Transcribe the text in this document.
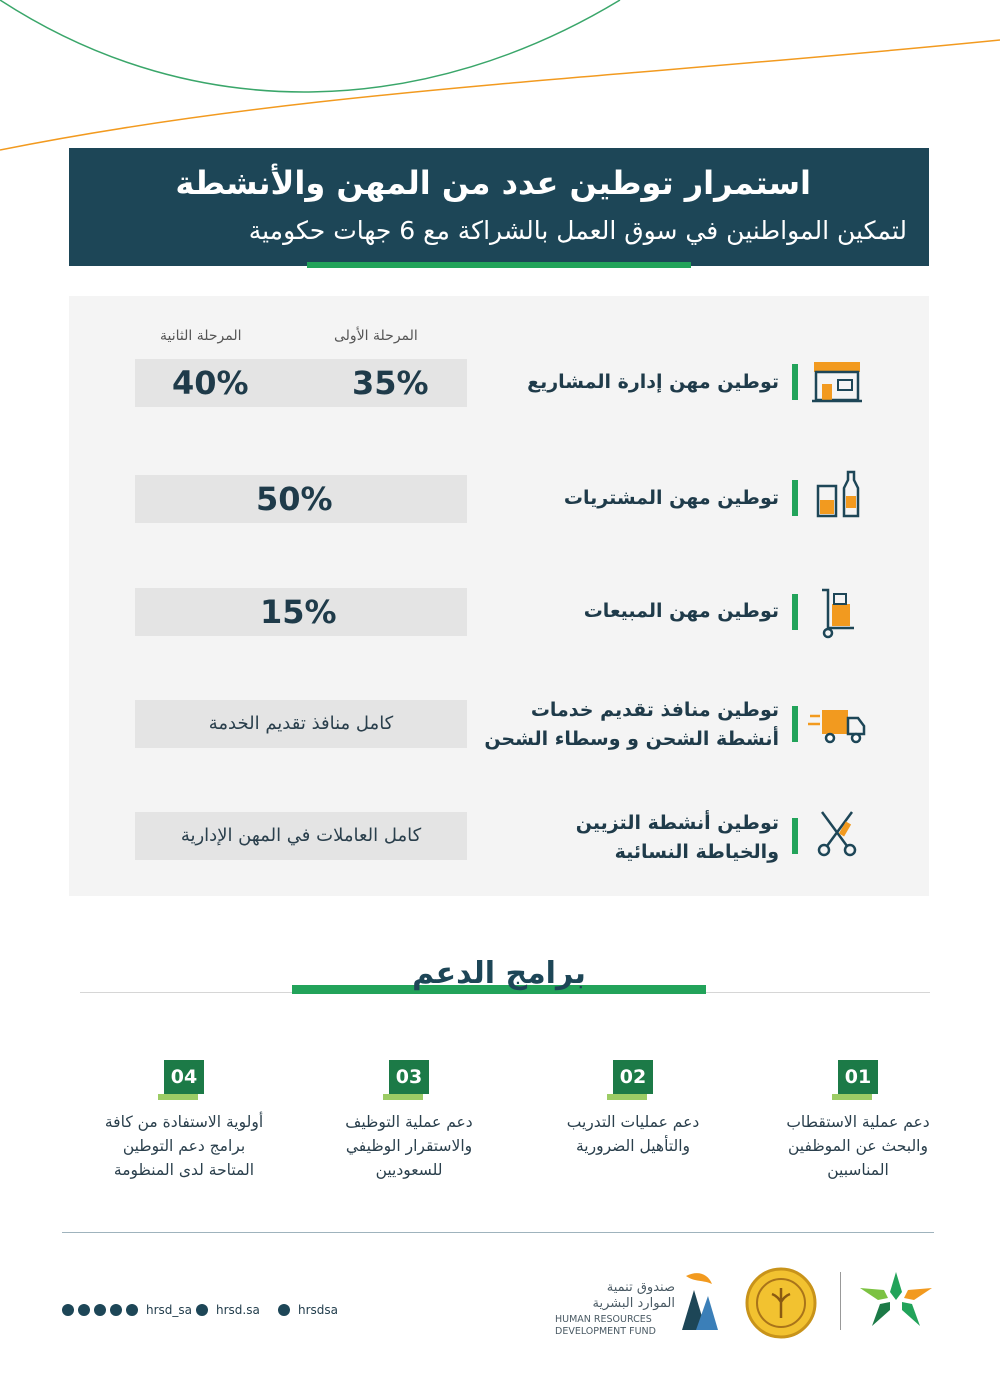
استمرار توطين عدد من المهن والأنشطة
لتمكين المواطنين في سوق العمل بالشراكة مع 6 جهات حكومية
المرحلة الأولى
المرحلة الثانية
توطين مهن إدارة المشاريع
35%
40%
توطين مهن المشتريات
50%
توطين مهن المبيعات
15%
توطين منافذ تقديم خدمات
أنشطة الشحن و وسطاء الشحن
كامل منافذ تقديم الخدمة
توطين أنشطة التزيين
والخياطة النسائية
كامل العاملات في المهن الإدارية
برامج الدعم
01
دعم عملية الاستقطاب
والبحث عن الموظفين
المناسبين
02
دعم عمليات التدريب
والتأهيل الضرورية
03
دعم عملية التوظيف
والاستقرار الوظيفي
للسعوديين
04
أولوية الاستفادة من كافة
برامج دعم التوطين
المتاحة لدى المنظومة
hrsd_sa hrsd.sa	hrsdsa
صندوق تنمية
الموارد البشرية
HUMAN RESOURCES
DEVELOPMENT FUND
